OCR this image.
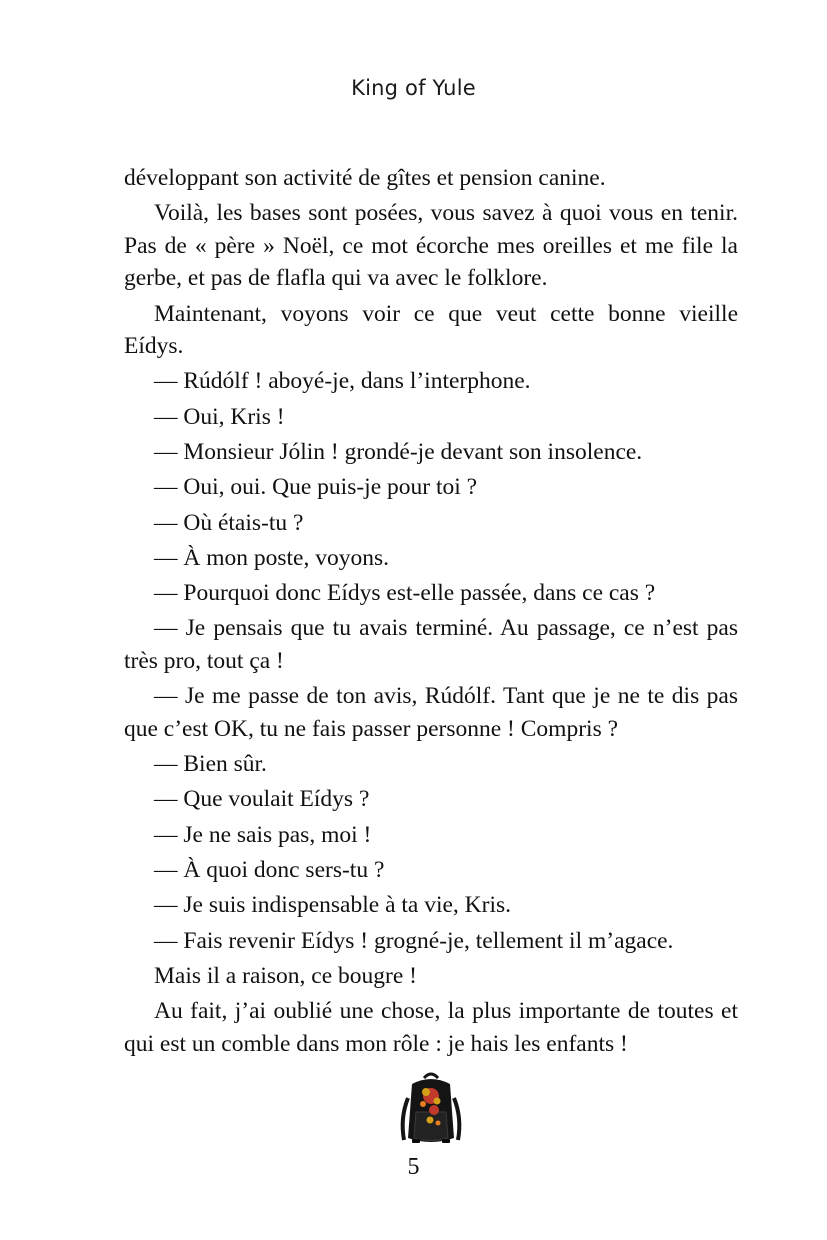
King of Yule

développant son activité de gîtes et pension canine.

Voilà, les bases sont posées, vous savez à quoi vous en tenir. Pas de « père » Noël, ce mot écorche mes oreilles et me file la gerbe, et pas de flafla qui va avec le folklore.

Maintenant, voyons voir ce que veut cette bonne vieille Eídys.

— Rúdólf ! aboyé-je, dans l’interphone.

— Oui, Kris !

— Monsieur Jólin ! grondé-je devant son insolence.

— Oui, oui. Que puis-je pour toi ?

— Où étais-tu ?

— À mon poste, voyons.

— Pourquoi donc Eídys est-elle passée, dans ce cas ?

— Je pensais que tu avais terminé. Au passage, ce n’est pas très pro, tout ça !

— Je me passe de ton avis, Rúdólf. Tant que je ne te dis pas que c’est OK, tu ne fais passer personne ! Compris ?

— Bien sûr.

— Que voulait Eídys ?

— Je ne sais pas, moi !

— À quoi donc sers-tu ?

— Je suis indispensable à ta vie, Kris.

— Fais revenir Eídys ! grogné-je, tellement il m’agace.

Mais il a raison, ce bougre !

Au fait, j’ai oublié une chose, la plus importante de toutes et qui est un comble dans mon rôle : je hais les enfants !

5
